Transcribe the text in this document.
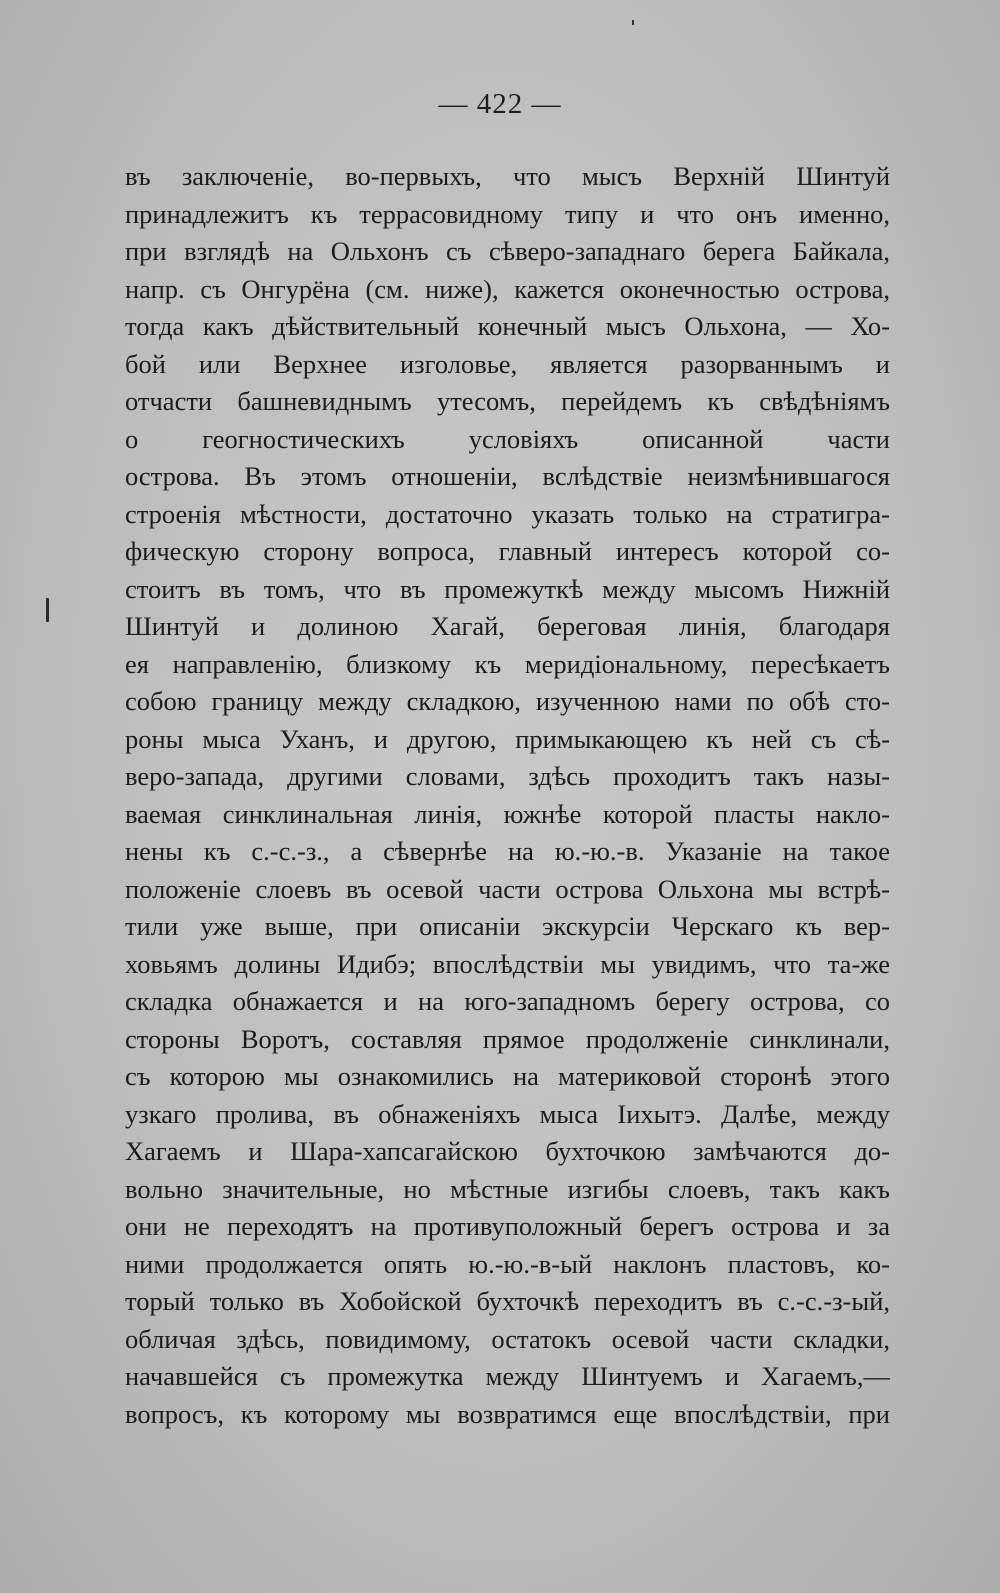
— 422 —
въ заключеніе, во-первыхъ, что мысъ Верхній Шинтуй
принадлежитъ къ террасовидному типу и что онъ именно,
при взглядѣ на Ольхонъ съ сѣверо-западнаго берега Байкала,
напр. съ Онгурёна (см. ниже), кажется оконечностью острова,
тогда какъ дѣйствительный конечный мысъ Ольхона, — Хо-
бой или Верхнее изголовье, является разорваннымъ и
отчасти башневиднымъ утесомъ, перейдемъ къ свѣдѣніямъ
о геогностическихъ условіяхъ описанной части
острова. Въ этомъ отношеніи, вслѣдствіе неизмѣнившагося
строенія мѣстности, достаточно указать только на стратигра-
фическую сторону вопроса, главный интересъ которой со-
стоитъ въ томъ, что въ промежуткѣ между мысомъ Нижній
Шинтуй и долиною Хагай, береговая линія, благодаря
ея направленію, близкому къ меридіональному, пересѣкаетъ
собою границу между складкою, изученною нами по обѣ сто-
роны мыса Уханъ, и другою, примыкающею къ ней съ сѣ-
веро-запада, другими словами, здѣсь проходитъ такъ назы-
ваемая синклинальная линія, южнѣе которой пласты накло-
нены къ с.-с.-з., а сѣвернѣе на ю.-ю.-в. Указаніе на такое
положеніе слоевъ въ осевой части острова Ольхона мы встрѣ-
тили уже выше, при описаніи экскурсіи Черскаго къ вер-
ховьямъ долины Идибэ; впослѣдствіи мы увидимъ, что та-же
складка обнажается и на юго-западномъ берегу острова, со
стороны Воротъ, составляя прямое продолженіе синклинали,
съ которою мы ознакомились на материковой сторонѣ этого
узкаго пролива, въ обнаженіяхъ мыса Іихытэ. Далѣе, между
Хагаемъ и Шара-хапсагайскою бухточкою замѣчаются до-
вольно значительные, но мѣстные изгибы слоевъ, такъ какъ
они не переходятъ на противуположный берегъ острова и за
ними продолжается опять ю.-ю.-в-ый наклонъ пластовъ, ко-
торый только въ Хобойской бухточкѣ переходитъ въ с.-с.-з-ый,
обличая здѣсь, повидимому, остатокъ осевой части складки,
начавшейся съ промежутка между Шинтуемъ и Хагаемъ,—
вопросъ, къ которому мы возвратимся еще впослѣдствіи, при
